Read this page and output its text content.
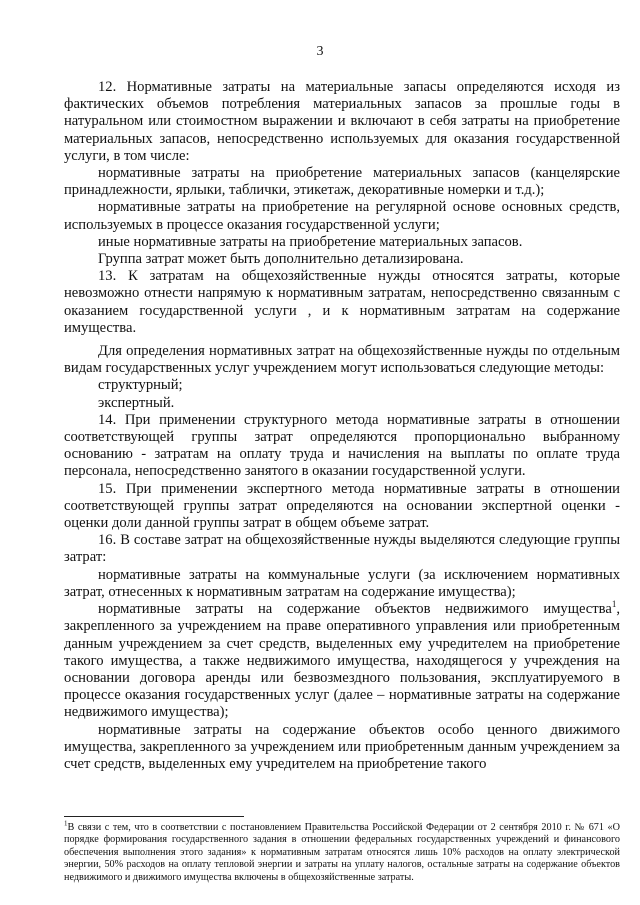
3

12. Нормативные затраты на материальные запасы определяются исходя из фактических объемов потребления материальных запасов за прошлые годы в натуральном или стоимостном выражении и включают в себя затраты на приобретение материальных запасов, непосредственно используемых для оказания государственной услуги, в том числе:

нормативные затраты на приобретение материальных запасов (канцелярские принадлежности, ярлыки, таблички, этикетаж, декоративные номерки и т.д.);

нормативные затраты на приобретение на регулярной основе основных средств, используемых в процессе оказания государственной услуги;

иные нормативные затраты на приобретение материальных запасов.

Группа затрат может быть дополнительно детализирована.

13. К затратам на общехозяйственные нужды относятся затраты, которые невозможно отнести напрямую к нормативным затратам, непосредственно связанным с оказанием государственной услуги , и к нормативным затратам на содержание имущества.

Для определения нормативных затрат на общехозяйственные нужды по отдельным видам государственных услуг учреждением могут использоваться следующие методы:

структурный;

экспертный.

14. При применении структурного метода нормативные затраты в отношении соответствующей группы затрат определяются пропорционально выбранному основанию - затратам на оплату труда и начисления на выплаты по оплате труда персонала, непосредственно занятого в оказании государственной услуги.

15. При применении экспертного метода нормативные затраты в отношении соответствующей группы затрат определяются на основании экспертной оценки - оценки доли данной группы затрат в общем объеме затрат.

16. В составе затрат на общехозяйственные нужды выделяются следующие группы затрат:

нормативные затраты на коммунальные услуги (за исключением нормативных затрат, отнесенных к нормативным затратам на содержание имущества);

нормативные затраты на содержание объектов недвижимого имущества$^1$, закрепленного за учреждением на праве оперативного управления или приобретенным данным учреждением за счет средств, выделенных ему учредителем на приобретение такого имущества, а также недвижимого имущества, находящегося у учреждения на основании договора аренды или безвозмездного пользования, эксплуатируемого в процессе оказания государственных услуг (далее – нормативные затраты на содержание недвижимого имущества);

нормативные затраты на содержание объектов особо ценного движимого имущества, закрепленного за учреждением или приобретенным данным учреждением за счет средств, выделенных ему учредителем на приобретение такого

$^1$В связи с тем, что в соответствии с постановлением Правительства Российской Федерации от 2 сентября 2010 г. № 671 «О порядке формирования государственного задания в отношении федеральных государственных учреждений и финансового обеспечения выполнения этого задания» к нормативным затратам относятся лишь 10% расходов на оплату электрической энергии, 50% расходов на оплату тепловой энергии и затраты на уплату налогов, остальные затраты на содержание объектов недвижимого и движимого имущества включены в общехозяйственные затраты.
